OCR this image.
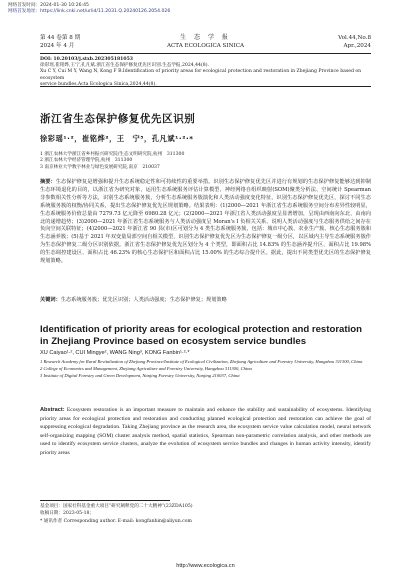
网络首发时间：2024-01-30 10:26:45
网络首发地址：https://link.cnki.net/urlid/11.2031.Q.20240126.2054.026
第 44 卷第 8 期
2024 年 4 月
生 态 学 报
ACTA ECOLOGICA SINICA
Vol.44,No.8
Apr.,2024
DOI: 10.20103/j.stxb.202305181053
徐彩瑶,崔铭烨,王宁,孔凡斌.浙江省生态保护修复优先区识别.生态学报,2024,44(8).
Xu C Y, Cui M Y, Wang N, Kong F B.Identification of priority areas for ecological protection and restoration in Zhejiang Province based on ecosystem
service bundles.Acta Ecologica Sinica,2024,44(8).
浙江省生态保护修复优先区识别
徐彩瑶¹·²，崔铭烨²，王　宁³，孔凡斌¹·²·*
1 浙江农林大学浙江省乡村振兴研究院/生态文明研究院,杭州　311300
2 浙江农林大学经济管理学院,杭州　311300
3 南京林业大学数字林业与绿色发展研究院,南京　210037
摘要：生态保护修复是增强和提升生态系统稳定性和可持续性的重要举措。识别生态保护修复优先区并进行有规划的生态保护修复能够达到抑制生态环境退化的目的，以浙江省为研究对象，运用生态系统服务评估计算模型、神经网络自组织映射(SOM)聚类分析法、空间统计 Spearman 非参数相关性分析等方法，识别生态系统服务簇，分析生态系统服务簇演化和人类活动强度变化特征，识别生态保护修复优先区，探讨不同生态系统服务簇的权衡/协同关系，提出生态保护修复优先区规划策略。结果表明：(1)2000—2021 年浙江省生态系统服务空间分布差异性较明显，生态系统服务价值总量由 7279.73 亿元降至 6980.28 亿元；(2)2000—2021 年浙江省人类活动强度呈显著增加，呈现由西南向东北、由南向北的递增趋势；(3)2000—2021 年浙江省生态系统服务与人类活动强度呈 Moran's I 负相关关系，说明人类活动强度与生态服务供给之间存在负向空间关联特征；(4)2000—2021 年浙江省 90 县(市)区可划分为 4 类生态系统服务簇，包括：城市中心簇、农业生产簇、核心生态服务簇和生态涵养簇；(5)基于 2021 年双变量局部空间自相关模型，识别生态保护修复优先区为生态保护修复一级分区，以区域内主导生态系统服务簇作为生态保护修复二级分区识别依据。浙江省生态保护修复优先区划分为 4 个类型，即面积占比 14.83% 的生态涵养提升区、面积占比 19.98% 的生态调控建设区、面积占比 46.23% 的核心生态保护区和面积占比 15.00% 的生态综合提升区。据此，提出不同类型优先区的生态保护修复规划策略。
关键词：生态系统服务簇；优先区识别；人类活动强度；生态保护修复；规划策略
Identification of priority areas for ecological protection and restoration in Zhejiang Province based on ecosystem service bundles
XU Caiyao¹·², CUI Mingye², WANG Ning³, KONG Fanbin¹·²·*
1 Research Academy for Rural Revitalization of Zhejiang Province/Institute of Ecological Civilization, Zhejiang Agriculture and Forestry University, Hangzhou 311300, China
2 College of Economics and Management, Zhejiang Agriculture and Forestry University, Hangzhou 311300, China
3 Institute of Digital Forestry and Green Development, Nanjing Forestry University, Nanjing 210037, China
Abstract: Ecosystem restoration is an important measure to maintain and enhance the stability and sustainability of ecosystems. Identifying priority areas for ecological protection and restoration and conducting planned ecological protection and restoration can achieve the goal of suppressing ecological degradation. Taking Zhejiang province as the research area, the ecosystem service value calculation model, neural network self-organizing mapping (SOM) cluster analysis method, spatial statistics, Spearman non-parametric correlation analysis, and other methods are used to identify ecosystem service clusters, analyze the evolution of ecosystem service bundles and changes in human activity intensity, identify priority areas
基金项目：国家社科基金重大项目“研究阐释党的二十大精神”(23ZDA105)
收稿日期：2023-05-18；
* 通讯作者 Corresponding author. E-mail: kongfanbin@aliyun.com
http://www.ecologica.cn
